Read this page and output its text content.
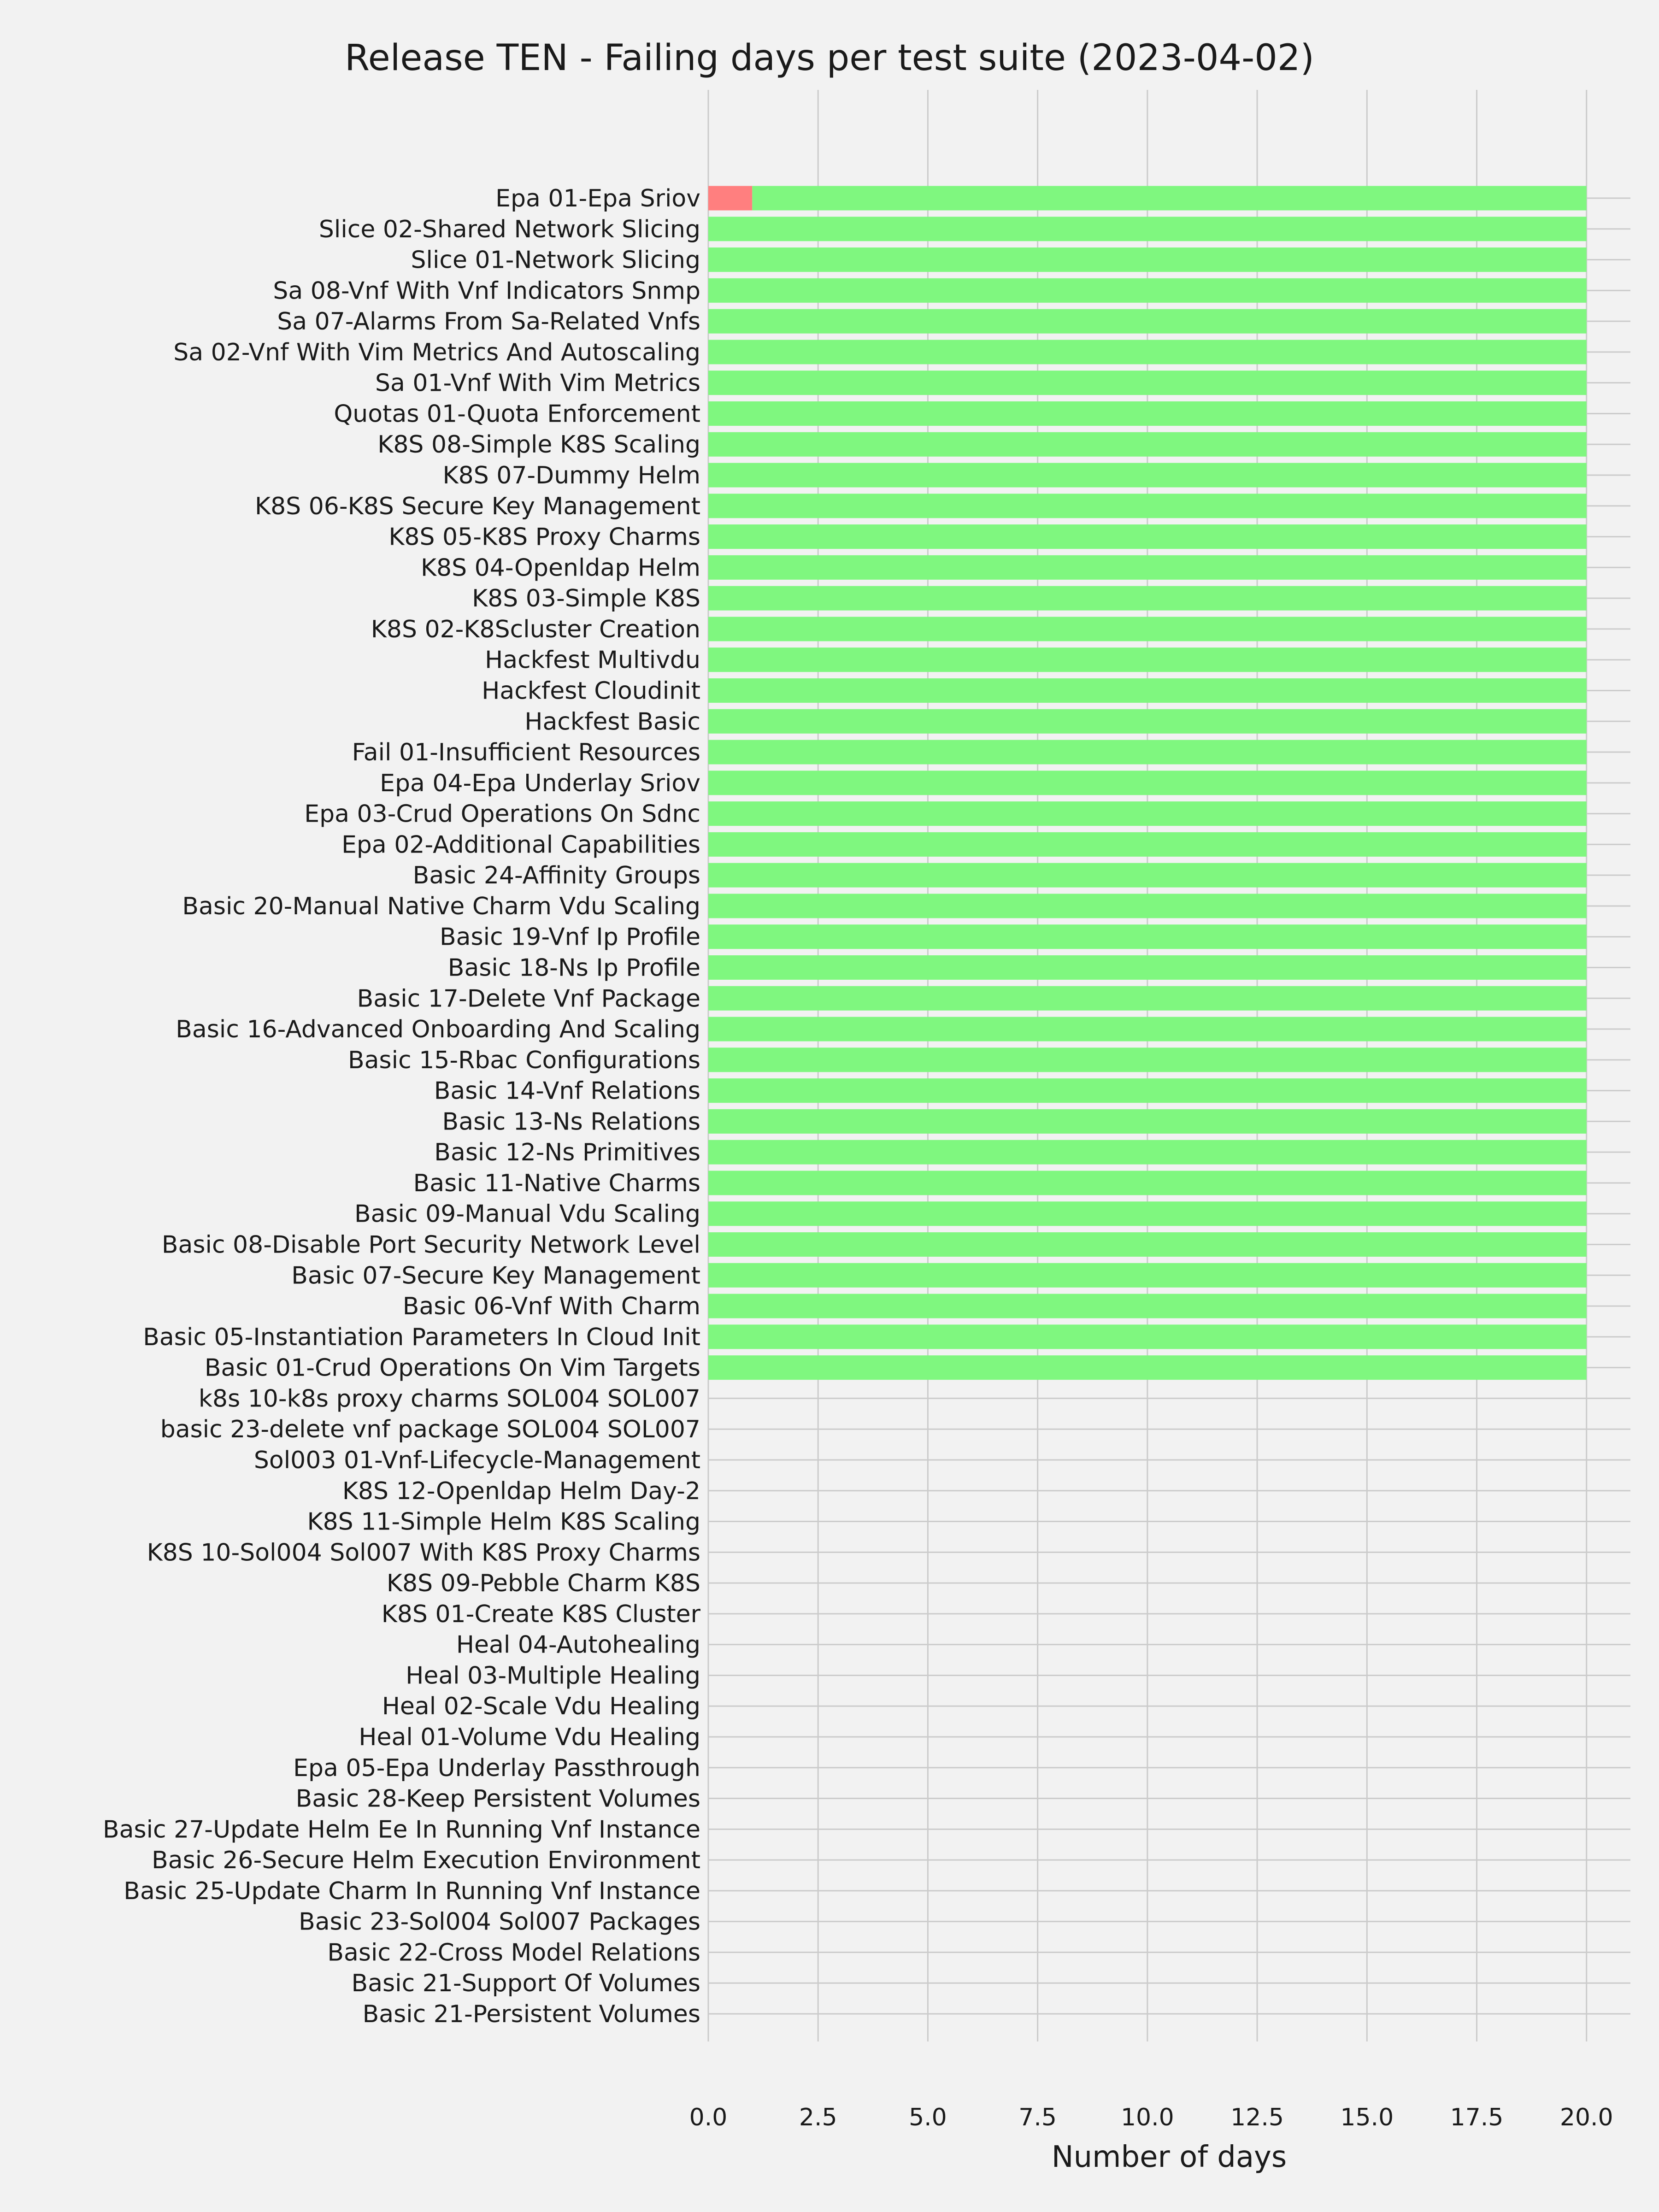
Release TEN - Failing days per test suite (2023-04-02)
Epa 01-Epa Sriov
Slice 02-Shared Network Slicing
Slice 01-Network Slicing
Sa 08-Vnf With Vnf Indicators Snmp
Sa 07-Alarms From Sa-Related Vnfs
Sa 02-Vnf With Vim Metrics And Autoscaling
Sa 01-Vnf With Vim Metrics
Quotas 01-Quota Enforcement
K8S 08-Simple K8S Scaling
K8S 07-Dummy Helm
K8S 06-K8S Secure Key Management
K8S 05-K8S Proxy Charms
K8S 04-Openldap Helm
K8S 03-Simple K8S
K8S 02-K8Scluster Creation
Hackfest Multivdu
Hackfest Cloudinit
Hackfest Basic
Fail 01-Insufficient Resources
Epa 04-Epa Underlay Sriov
Epa 03-Crud Operations On Sdnc
Epa 02-Additional Capabilities
Basic 24-Affinity Groups
Basic 20-Manual Native Charm Vdu Scaling
Basic 19-Vnf Ip Profile
Basic 18-Ns Ip Profile
Basic 17-Delete Vnf Package
Basic 16-Advanced Onboarding And Scaling
Basic 15-Rbac Configurations
Basic 14-Vnf Relations
Basic 13-Ns Relations
Basic 12-Ns Primitives
Basic 11-Native Charms
Basic 09-Manual Vdu Scaling
Basic 08-Disable Port Security Network Level
Basic 07-Secure Key Management
Basic 06-Vnf With Charm
Basic 05-Instantiation Parameters In Cloud Init
Basic 01-Crud Operations On Vim Targets
k8s 10-k8s proxy charms SOL004 SOL007
basic 23-delete vnf package SOL004 SOL007
Sol003 01-Vnf-Lifecycle-Management
K8S 12-Openldap Helm Day-2
K8S 11-Simple Helm K8S Scaling
K8S 10-Sol004 Sol007 With K8S Proxy Charms
K8S 09-Pebble Charm K8S
K8S 01-Create K8S Cluster
Heal 04-Autohealing
Heal 03-Multiple Healing
Heal 02-Scale Vdu Healing
Heal 01-Volume Vdu Healing
Epa 05-Epa Underlay Passthrough
Basic 28-Keep Persistent Volumes
Basic 27-Update Helm Ee In Running Vnf Instance
Basic 26-Secure Helm Execution Environment
Basic 25-Update Charm In Running Vnf Instance
Basic 23-Sol004 Sol007 Packages
Basic 22-Cross Model Relations
Basic 21-Support Of Volumes
Basic 21-Persistent Volumes
0.0	2.5	5.0	7.5	10.0 12.5 15.0 17.5 20.0
Number of days
